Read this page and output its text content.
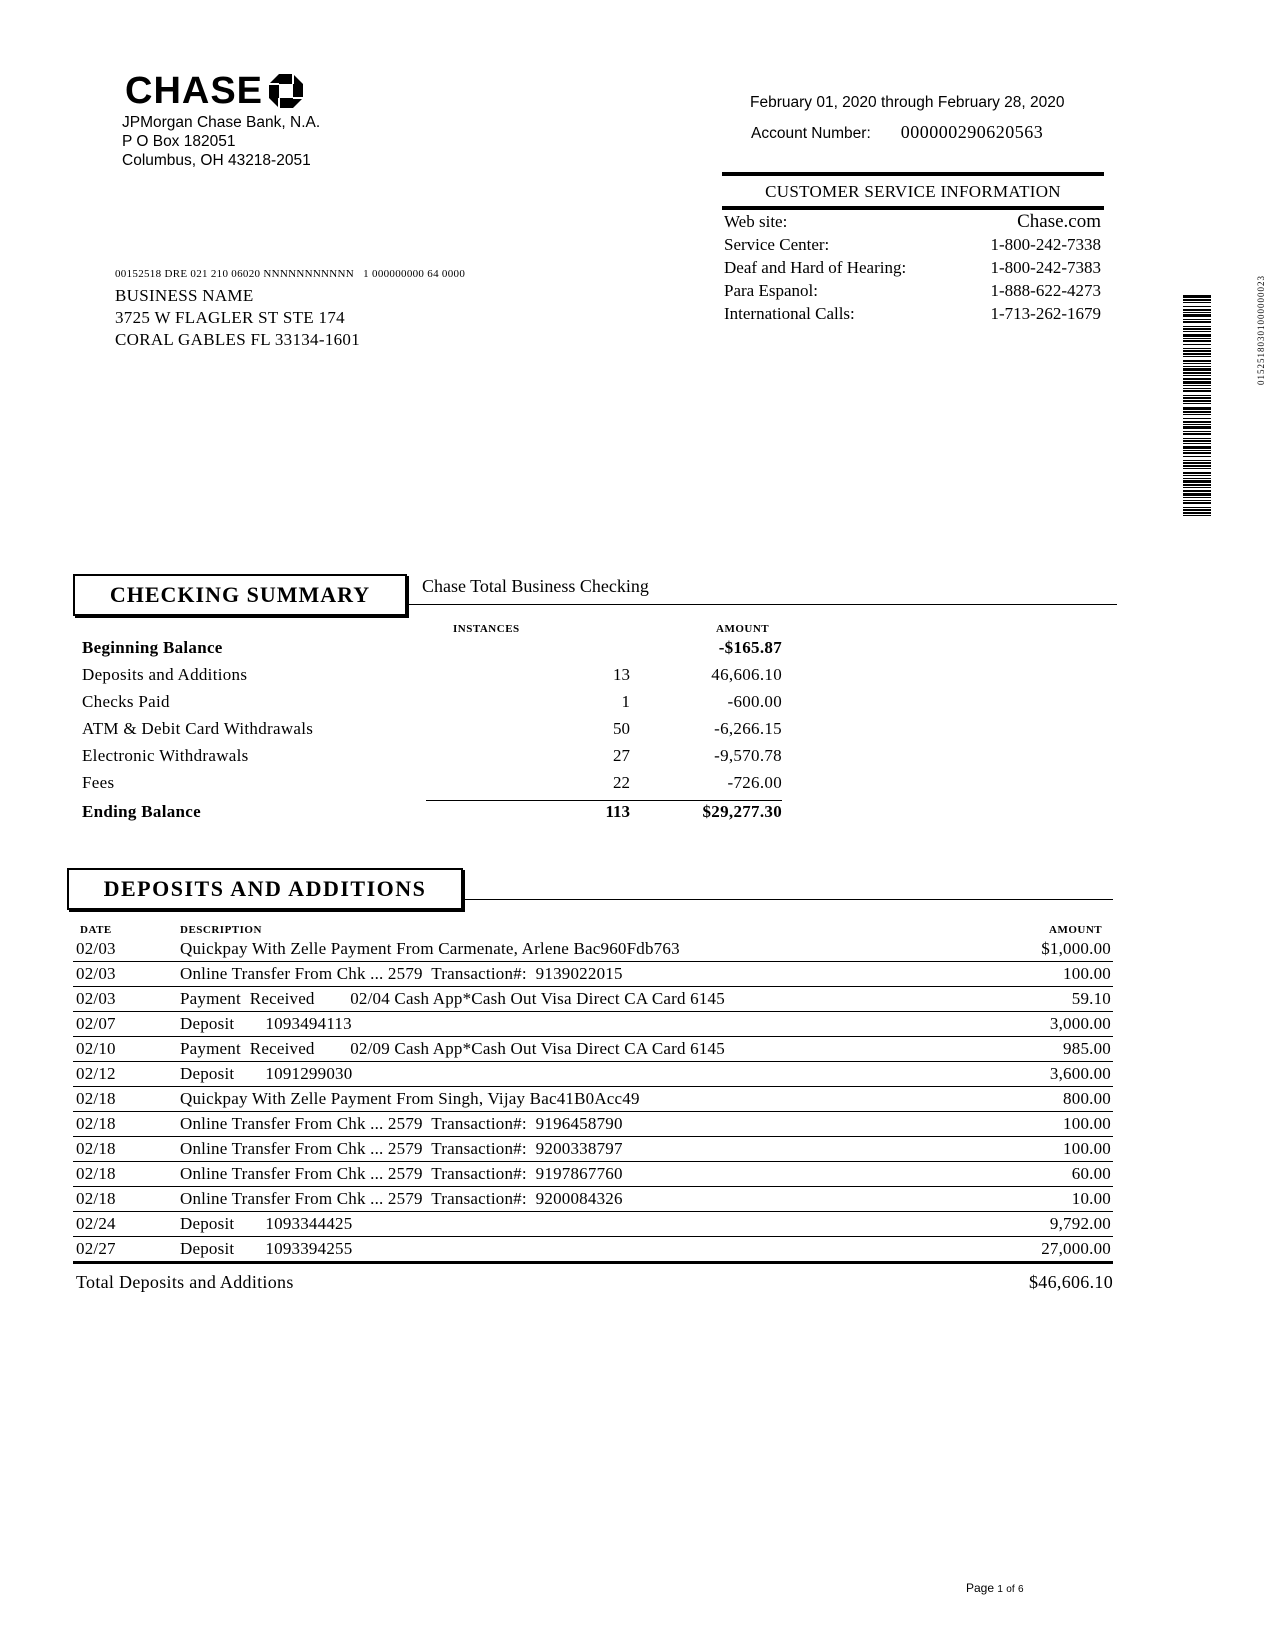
CHASE
JPMorgan Chase Bank, N.A.
P O Box 182051
Columbus, OH 43218-2051
February 01, 2020 through February 28, 2020
Account Number: 000000290620563
CUSTOMER SERVICE INFORMATION
Web site:	Chase.com
Service Center:	1-800-242-7338
Deaf and Hard of Hearing:	1-800-242-7383
Para Espanol:	1-888-622-4273
International Calls:	1-713-262-1679
00152518 DRE 021 210 06020 NNNNNNNNNNN   1 000000000 64 0000
BUSINESS NAME
3725 W FLAGLER ST STE 174
CORAL GABLES FL 33134-1601	01525180301000000023
CHECKING SUMMARY	Chase Total Business Checking
INSTANCES	AMOUNT
Beginning Balance	-$165.87
Deposits and Additions	13	46,606.10
Checks Paid	1	-600.00
ATM & Debit Card Withdrawals	50	-6,266.15
Electronic Withdrawals	27	-9,570.78
Fees	22	-726.00
Ending Balance	113	$29,277.30
DEPOSITS AND ADDITIONS
DATE	DESCRIPTION	AMOUNT
02/03	Quickpay With Zelle Payment From Carmenate, Arlene Bac960Fdb763	$1,000.00
02/03	Online Transfer From Chk ... 2579  Transaction#:  9139022015	100.00
02/03	Payment  Received        02/04 Cash App*Cash Out Visa Direct CA Card 6145	59.10
02/07	Deposit       1093494113	3,000.00
02/10	Payment  Received        02/09 Cash App*Cash Out Visa Direct CA Card 6145	985.00
02/12	Deposit       1091299030	3,600.00
02/18	Quickpay With Zelle Payment From Singh, Vijay Bac41B0Acc49	800.00
02/18	Online Transfer From Chk ... 2579  Transaction#:  9196458790	100.00
02/18	Online Transfer From Chk ... 2579  Transaction#:  9200338797	100.00
02/18	Online Transfer From Chk ... 2579  Transaction#:  9197867760	60.00
02/18	Online Transfer From Chk ... 2579  Transaction#:  9200084326	10.00
02/24	Deposit       1093344425	9,792.00
02/27	Deposit       1093394255	27,000.00
Total Deposits and Additions	$46,606.10
Page 1 of 6
